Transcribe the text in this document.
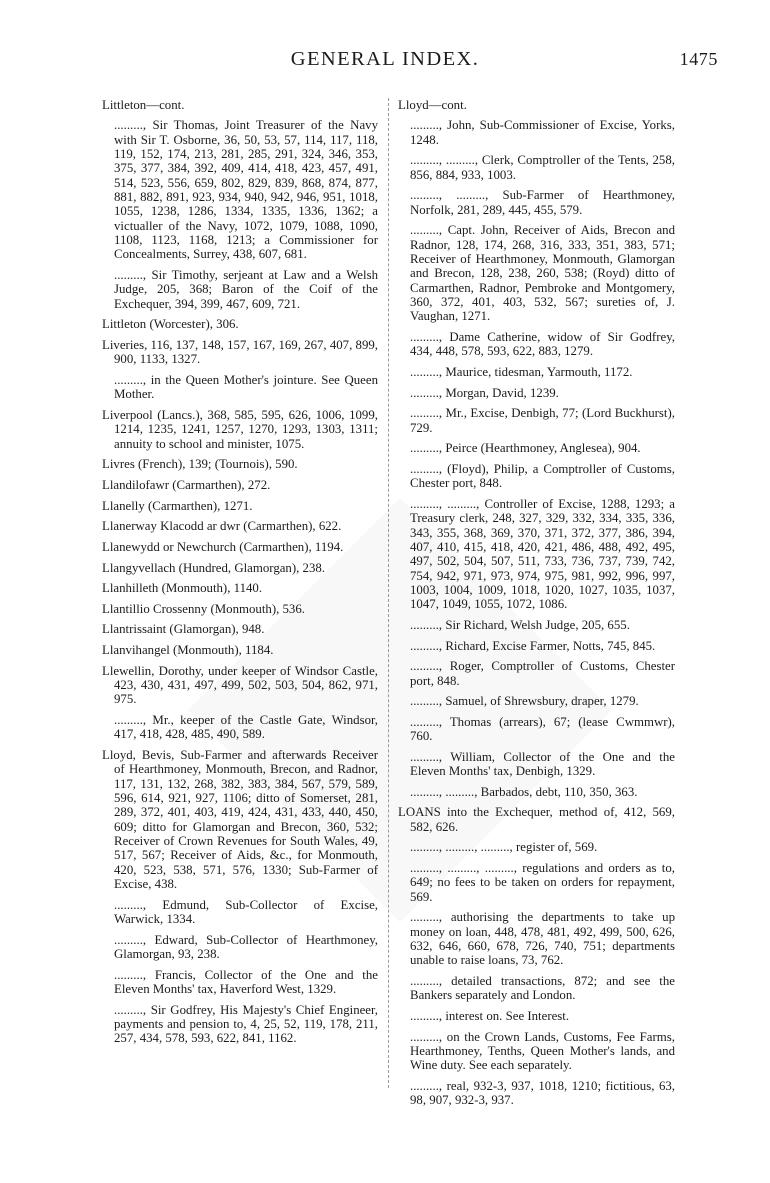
GENERAL INDEX.	1475
Littleton—cont.
........., Sir Thomas, Joint Treasurer of the Navy with Sir T. Osborne, 36, 50, 53, 57, 114, 117, 118, 119, 152, 174, 213, 281, 285, 291, 324, 346, 353, 375, 377, 384, 392, 409, 414, 418, 423, 457, 491, 514, 523, 556, 659, 802, 829, 839, 868, 874, 877, 881, 882, 891, 923, 934, 940, 942, 946, 951, 1018, 1055, 1238, 1286, 1334, 1335, 1336, 1362; a victualler of the Navy, 1072, 1079, 1088, 1090, 1108, 1123, 1168, 1213; a Commissioner for Concealments, Surrey, 438, 607, 681.
........., Sir Timothy, serjeant at Law and a Welsh Judge, 205, 368; Baron of the Coif of the Exchequer, 394, 399, 467, 609, 721.
Littleton (Worcester), 306.
Liveries, 116, 137, 148, 157, 167, 169, 267, 407, 899, 900, 1133, 1327.
........., in the Queen Mother's jointure. See Queen Mother.
Liverpool (Lancs.), 368, 585, 595, 626, 1006, 1099, 1214, 1235, 1241, 1257, 1270, 1293, 1303, 1311; annuity to school and minister, 1075.
Livres (French), 139; (Tournois), 590.
Llandilofawr (Carmarthen), 272.
Llanelly (Carmarthen), 1271.
Llanerway Klacodd ar dwr (Carmarthen), 622.
Llanewydd or Newchurch (Carmarthen), 1194.
Llangyvellach (Hundred, Glamorgan), 238.
Llanhilleth (Monmouth), 1140.
Llantillio Crossenny (Monmouth), 536.
Llantrissaint (Glamorgan), 948.
Llanvihangel (Monmouth), 1184.
Llewellin, Dorothy, under keeper of Windsor Castle, 423, 430, 431, 497, 499, 502, 503, 504, 862, 971, 975.
........., Mr., keeper of the Castle Gate, Windsor, 417, 418, 428, 485, 490, 589.
Lloyd, Bevis, Sub-Farmer and afterwards Receiver of Hearthmoney, Monmouth, Brecon, and Radnor, 117, 131, 132, 268, 382, 383, 384, 567, 579, 589, 596, 614, 921, 927, 1106; ditto of Somerset, 281, 289, 372, 401, 403, 419, 424, 431, 433, 440, 450, 609; ditto for Glamorgan and Brecon, 360, 532; Receiver of Crown Revenues for South Wales, 49, 517, 567; Receiver of Aids, &c., for Monmouth, 420, 523, 538, 571, 576, 1330; Sub-Farmer of Excise, 438.
........., Edmund, Sub-Collector of Excise, Warwick, 1334.
........., Edward, Sub-Collector of Hearthmoney, Glamorgan, 93, 238.
........., Francis, Collector of the One and the Eleven Months' tax, Haverford West, 1329.
........., Sir Godfrey, His Majesty's Chief Engineer, payments and pension to, 4, 25, 52, 119, 178, 211, 257, 434, 578, 593, 622, 841, 1162.
Lloyd—cont.
........., John, Sub-Commissioner of Excise, Yorks, 1248.
........., ........., Clerk, Comptroller of the Tents, 258, 856, 884, 933, 1003.
........., ........., Sub-Farmer of Hearthmoney, Norfolk, 281, 289, 445, 455, 579.
........., Capt. John, Receiver of Aids, Brecon and Radnor, 128, 174, 268, 316, 333, 351, 383, 571; Receiver of Hearthmoney, Monmouth, Glamorgan and Brecon, 128, 238, 260, 538; (Royd) ditto of Carmarthen, Radnor, Pembroke and Montgomery, 360, 372, 401, 403, 532, 567; sureties of, J. Vaughan, 1271.
........., Dame Catherine, widow of Sir Godfrey, 434, 448, 578, 593, 622, 883, 1279.
........., Maurice, tidesman, Yarmouth, 1172.
........., Morgan, David, 1239.
........., Mr., Excise, Denbigh, 77; (Lord Buckhurst), 729.
........., Peirce (Hearthmoney, Anglesea), 904.
........., (Floyd), Philip, a Comptroller of Customs, Chester port, 848.
........., ........., Controller of Excise, 1288, 1293; a Treasury clerk, 248, 327, 329, 332, 334, 335, 336, 343, 355, 368, 369, 370, 371, 372, 377, 386, 394, 407, 410, 415, 418, 420, 421, 486, 488, 492, 495, 497, 502, 504, 507, 511, 733, 736, 737, 739, 742, 754, 942, 971, 973, 974, 975, 981, 992, 996, 997, 1003, 1004, 1009, 1018, 1020, 1027, 1035, 1037, 1047, 1049, 1055, 1072, 1086.
........., Sir Richard, Welsh Judge, 205, 655.
........., Richard, Excise Farmer, Notts, 745, 845.
........., Roger, Comptroller of Customs, Chester port, 848.
........., Samuel, of Shrewsbury, draper, 1279.
........., Thomas (arrears), 67; (lease Cwmmwr), 760.
........., William, Collector of the One and the Eleven Months' tax, Denbigh, 1329.
........., ........., Barbados, debt, 110, 350, 363.
LOANS into the Exchequer, method of, 412, 569, 582, 626.
........., ........., ........., register of, 569.
........., ........., ........., regulations and orders as to, 649; no fees to be taken on orders for repayment, 569.
........., authorising the departments to take up money on loan, 448, 478, 481, 492, 499, 500, 626, 632, 646, 660, 678, 726, 740, 751; departments unable to raise loans, 73, 762.
........., detailed transactions, 872; and see the Bankers separately and London.
........., interest on. See Interest.
........., on the Crown Lands, Customs, Fee Farms, Hearthmoney, Tenths, Queen Mother's lands, and Wine duty. See each separately.
........., real, 932-3, 937, 1018, 1210; fictitious, 63, 98, 907, 932-3, 937.
